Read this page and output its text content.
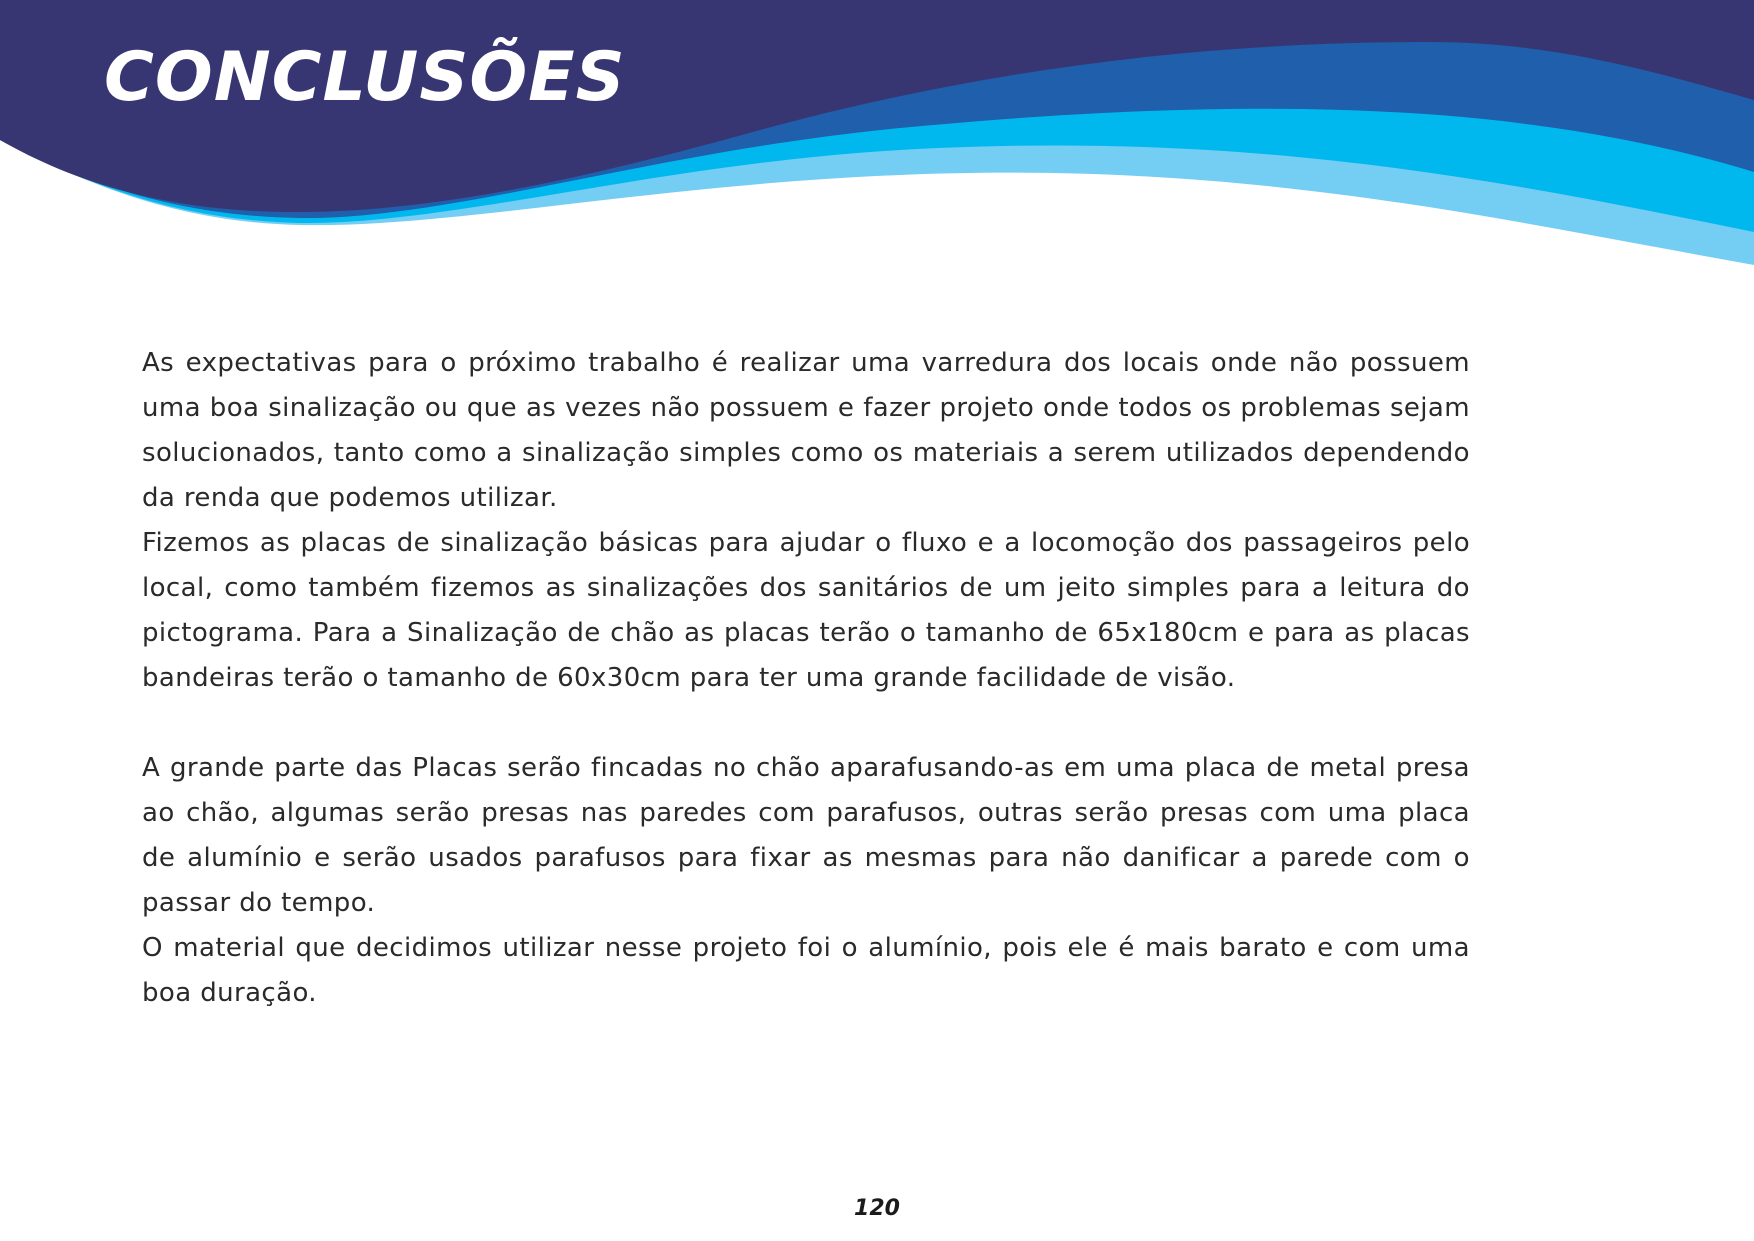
CONCLUSÕES

As expectativas para o próximo trabalho é realizar uma varredura dos locais onde não possuem uma boa sinalização ou que as vezes não possuem e fazer projeto onde todos os problemas sejam solucionados, tanto como a sinalização simples como os materiais a serem utilizados dependendo da renda que podemos utilizar.

Fizemos as placas de sinalização básicas para ajudar o fluxo e a locomoção dos passageiros pelo local, como também fizemos as sinalizações dos sanitários de um jeito simples para a leitura do pictograma. Para a Sinalização de chão as placas terão o tamanho de 65x180cm e para as placas bandeiras terão o tamanho de 60x30cm para ter uma grande facilidade de visão.

A grande parte das Placas serão fincadas no chão aparafusando-as em uma placa de metal presa ao chão, algumas serão presas nas paredes com parafusos, outras serão presas com uma placa de alumínio e serão usados parafusos para fixar as mesmas para não danificar a parede com o passar do tempo.

O material que decidimos utilizar nesse projeto foi o alumínio, pois ele é mais barato e com uma boa duração.

120
